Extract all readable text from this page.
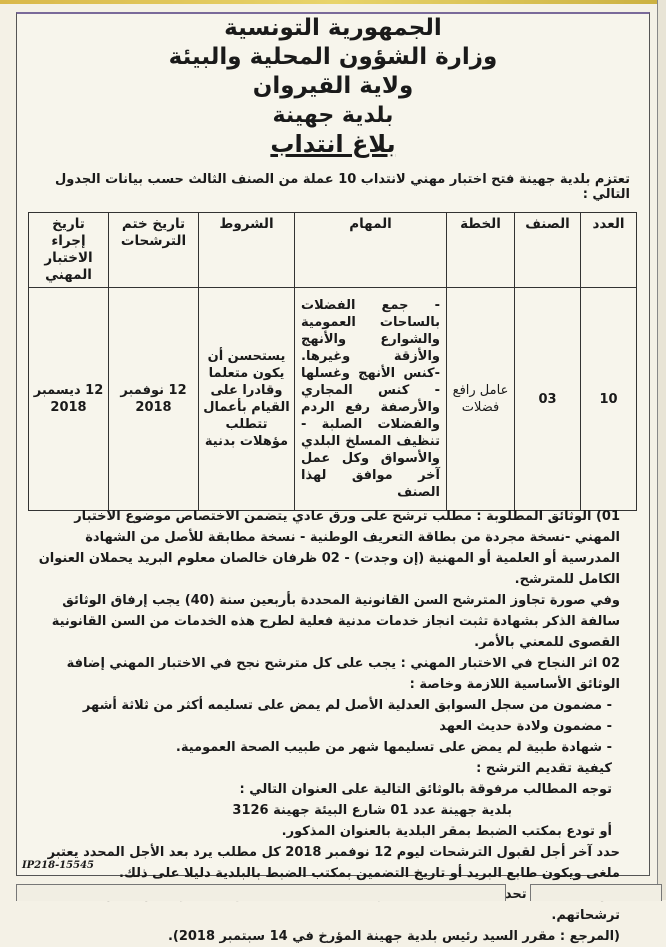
الجمهورية التونسية
وزارة الشؤون المحلية والبيئة
ولاية القيروان
بلدية جهينة
بلاغ انتداب
تعتزم بلدية جهينة فتح اختبار مهني لانتداب 10 عملة من الصنف الثالث حسب بيانات الجدول التالي :
العدد	الصنف	الخطة	المهام	الشروط	تاريخ ختم الترشحات	تاريخ إجراء الاختبار المهني
10	03	عامل رافع فضلات	- جمع الفضلات بالساحات العمومية والشوارع والأنهج والأزقة وغيرها. -كنس الأنهج وغسلها - كنس المجاري والأرصفة رفع الردم والفضلات الصلبة - تنظيف المسلخ البلدي والأسواق وكل عمل آخر موافق لهذا الصنف	يستحسن أن يكون متعلما وقادرا على القيام بأعمال تتطلب مؤهلات بدنية	12 نوفمبر 2018	12 ديسمبر 2018

01) الوثائق المطلوبة : مطلب ترشح على ورق عادي يتضمن الاختصاص موضوع الاختبار المهني -نسخة مجردة من بطاقة التعريف الوطنية - نسخة مطابقة للأصل من الشهادة المدرسية أو العلمية أو المهنية (إن وجدت) - 02 ظرفان خالصان معلوم البريد يحملان العنوان الكامل للمترشح.

وفي صورة تجاوز المترشح السن القانونية المحددة بأربعين سنة (40) يجب إرفاق الوثائق سالفة الذكر بشهادة تثبت انجاز خدمات مدنية فعلية لطرح هذه الخدمات من السن القانونية القصوى للمعني بالأمر.

02 اثر النجاح في الاختبار المهني : يجب على كل مترشح نجح في الاختبار المهني إضافة الوثائق الأساسية اللازمة وخاصة :

- مضمون من سجل السوابق العدلية الأصل لم يمض على تسليمه أكثر من ثلاثة أشهر

- مضمون ولادة حديث العهد

- شهادة طبية لم يمض على تسليمها شهر من طبيب الصحة العمومية.

كيفية تقديم الترشح :

توجه المطالب مرفوقة بالوثائق التالية على العنوان التالي :

بلدية جهينة عدد 01 شارع البيئة جهينة 3126

أو تودع بمكتب الضبط بمقر البلدية بالعنوان المذكور.

حدد آخر أجل لقبول الترشحات ليوم 12 نوفمبر 2018 كل مطلب يرد بعد الأجل المحدد يعتبر ملغى ويكون طابع البريد أو تاريخ التضمين بمكتب الضبط بالبلدية دليلا على ذلك.

تحديد ترشحاتهم.

(المرجع : مقرر السيد رئيس بلدية جهينة المؤرخ في 14 سبتمبر 2018).

IP218-15545
